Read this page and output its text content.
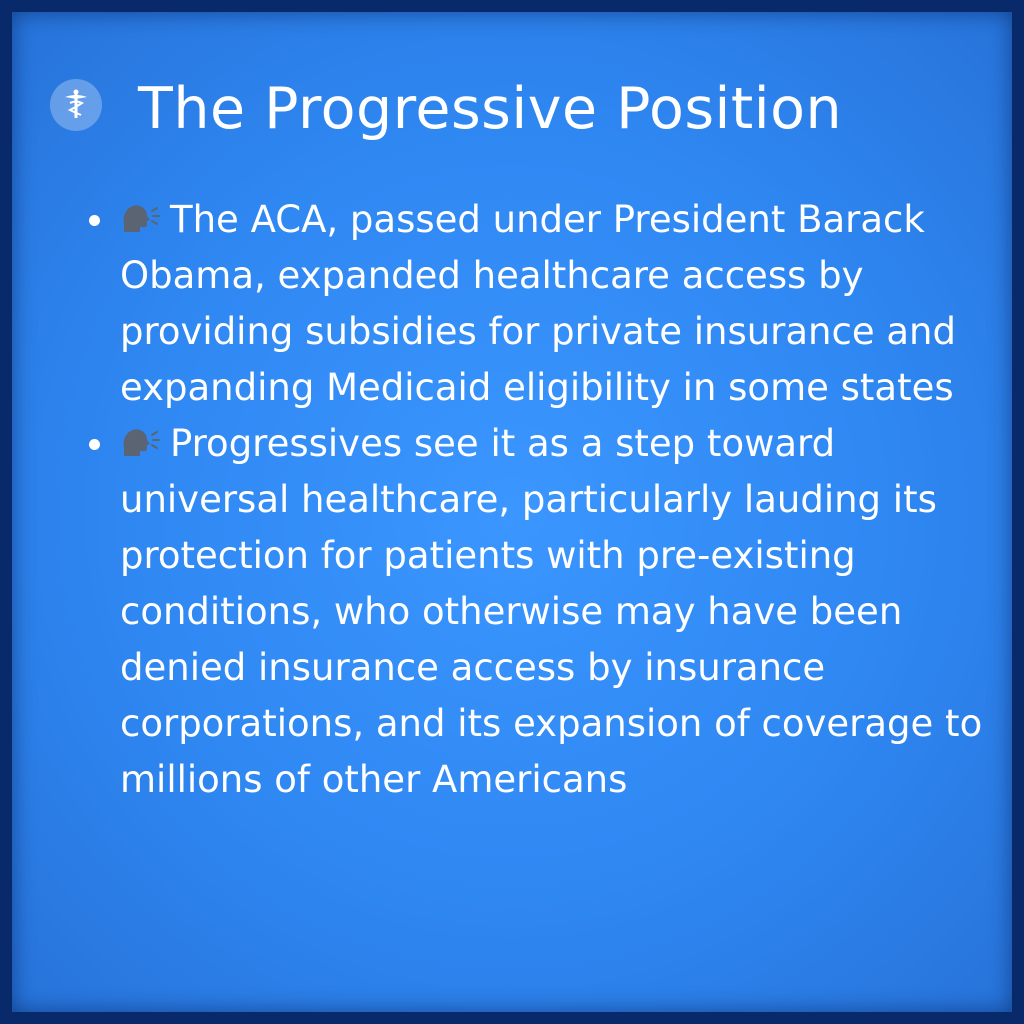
The Progressive Position
The ACA, passed under President Barack Obama, expanded healthcare access by providing subsidies for private insurance and expanding Medicaid eligibility in some states
Progressives see it as a step toward universal healthcare, particularly lauding its protection for patients with pre-existing conditions, who otherwise may have been denied insurance access by insurance corporations, and its expansion of coverage to millions of other Americans
